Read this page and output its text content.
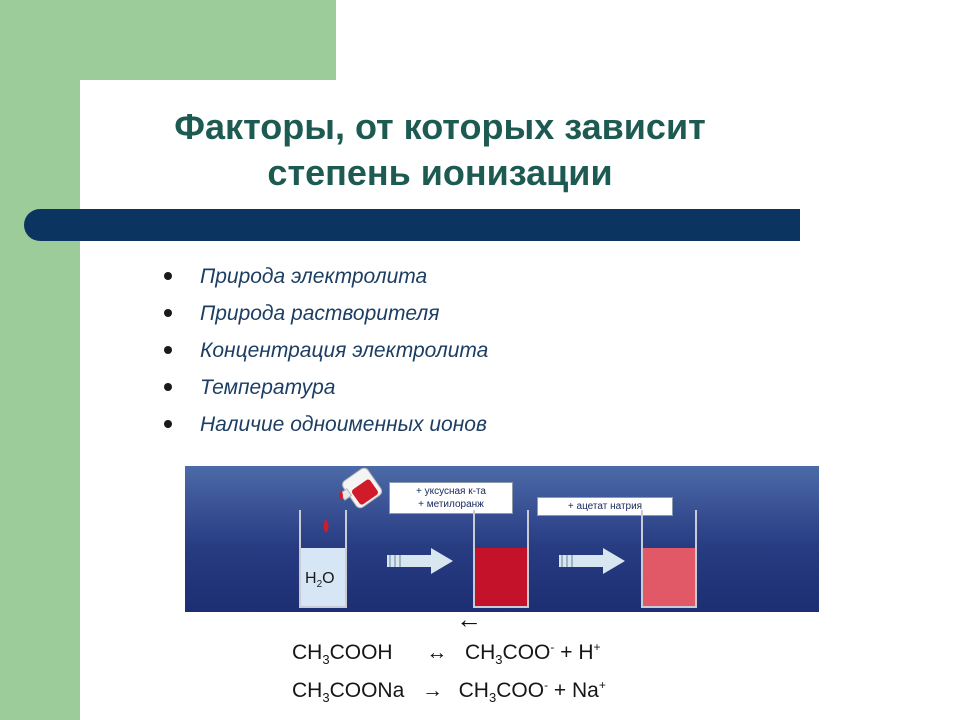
Факторы, от которых зависит
степень ионизации
Природа электролита
Природа растворителя
Концентрация электролита
Температура
Наличие одноименных ионов
+ уксусная к-та
+ метилоранж	+ ацетат натрия
$H_2O$
←
$CH_3COOH$ ↔ $CH_3COO^- + H^+$
$CH_3COONa \to CH_3COO^- + Na^+$
